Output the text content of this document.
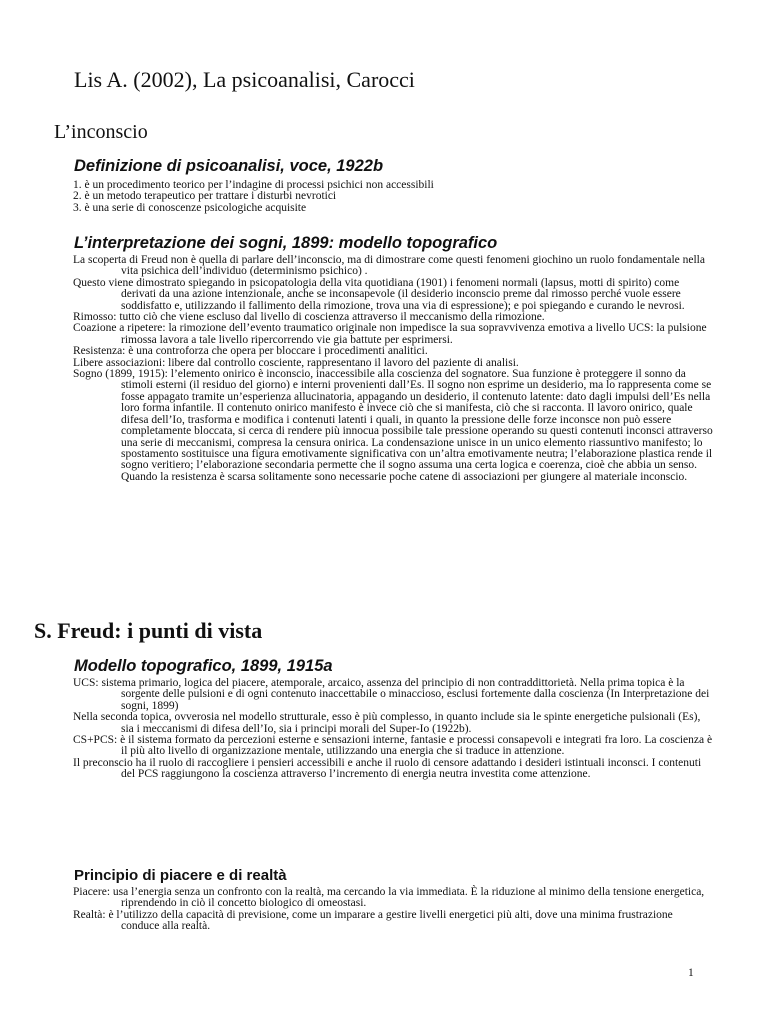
Lis A. (2002), La psicoanalisi, Carocci
L’inconscio
Definizione di psicoanalisi, voce, 1922b

1. è un procedimento teorico per l’indagine di processi psichici non accessibili

2. è un metodo terapeutico per trattare i disturbi nevrotici

3. è una serie di conoscenze psicologiche acquisite

L’interpretazione dei sogni, 1899: modello topografico

La scoperta di Freud non è quella di parlare dell’inconscio, ma di dimostrare come questi fenomeni giochino un ruolo fondamentale nella vita psichica dell’individuo (determinismo psichico) .

Questo viene dimostrato spiegando in psicopatologia della vita quotidiana (1901) i fenomeni normali (lapsus, motti di spirito) come derivati da una azione intenzionale, anche se inconsapevole (il desiderio inconscio preme dal rimosso perché vuole essere soddisfatto e, utilizzando il fallimento della rimozione, trova una via di espressione); e poi spiegando e curando le nevrosi.

Rimosso: tutto ciò che viene escluso dal livello di coscienza attraverso il meccanismo della rimozione.

Coazione a ripetere: la rimozione dell’evento traumatico originale non impedisce la sua sopravvivenza emotiva a livello UCS: la pulsione rimossa lavora a tale livello ripercorrendo vie gia battute per esprimersi.

Resistenza: è una controforza che opera per bloccare i procedimenti analitici.

Libere associazioni: libere dal controllo cosciente, rappresentano il lavoro del paziente di analisi.

Sogno (1899, 1915): l’elemento onirico è inconscio, inaccessibile alla coscienza del sognatore. Sua funzione è proteggere il sonno da stimoli esterni (il residuo del giorno) e interni provenienti dall’Es. Il sogno non esprime un desiderio, ma lo rappresenta come se fosse appagato tramite un’esperienza allucinatoria, appagando un desiderio, il contenuto latente: dato dagli impulsi dell’Es nella loro forma infantile. Il contenuto onirico manifesto è invece ciò che si manifesta, ciò che si racconta. Il lavoro onirico, quale difesa dell’Io, trasforma e modifica i contenuti latenti i quali, in quanto la pressione delle forze inconsce non può essere completamente bloccata, si cerca di rendere più innocua possibile tale pressione operando su questi contenuti inconsci attraverso una serie di meccanismi, compresa la censura onirica. La condensazione unisce in un unico elemento riassuntivo manifesto; lo spostamento sostituisce una figura emotivamente significativa con un’altra emotivamente neutra; l’elaborazione plastica rende il sogno veritiero; l’elaborazione secondaria permette che il sogno assuma una certa logica e coerenza, cioè che abbia un senso. Quando la resistenza è scarsa solitamente sono necessarie poche catene di associazioni per giungere al materiale inconscio.

S. Freud: i punti di vista
Modello topografico, 1899, 1915a

UCS: sistema primario, logica del piacere, atemporale, arcaico, assenza del principio di non contraddittorietà. Nella prima topica è la sorgente delle pulsioni e di ogni contenuto inaccettabile o minaccioso, esclusi fortemente dalla coscienza (In Interpretazione dei sogni, 1899)

Nella seconda topica, ovverosia nel modello strutturale, esso è più complesso, in quanto include sia le spinte energetiche pulsionali (Es), sia i meccanismi di difesa dell’Io, sia i principi morali del Super-Io (1922b).

CS+PCS: è il sistema formato da percezioni esterne e sensazioni interne, fantasie e processi consapevoli e integrati fra loro. La coscienza è il più alto livello di organizzazione mentale, utilizzando una energia che si traduce in attenzione.

Il preconscio ha il ruolo di raccogliere i pensieri accessibili e anche il ruolo di censore adattando i desideri istintuali inconsci. I contenuti del PCS raggiungono la coscienza attraverso l’incremento di energia neutra investita come attenzione.

Principio di piacere e di realtà

Piacere: usa l’energia senza un confronto con la realtà, ma cercando la via immediata. È la riduzione al minimo della tensione energetica, riprendendo in ciò il concetto biologico di omeostasi.

Realtà: è l’utilizzo della capacità di previsione, come un imparare a gestire livelli energetici più alti, dove una minima frustrazione conduce alla realtà.

1
